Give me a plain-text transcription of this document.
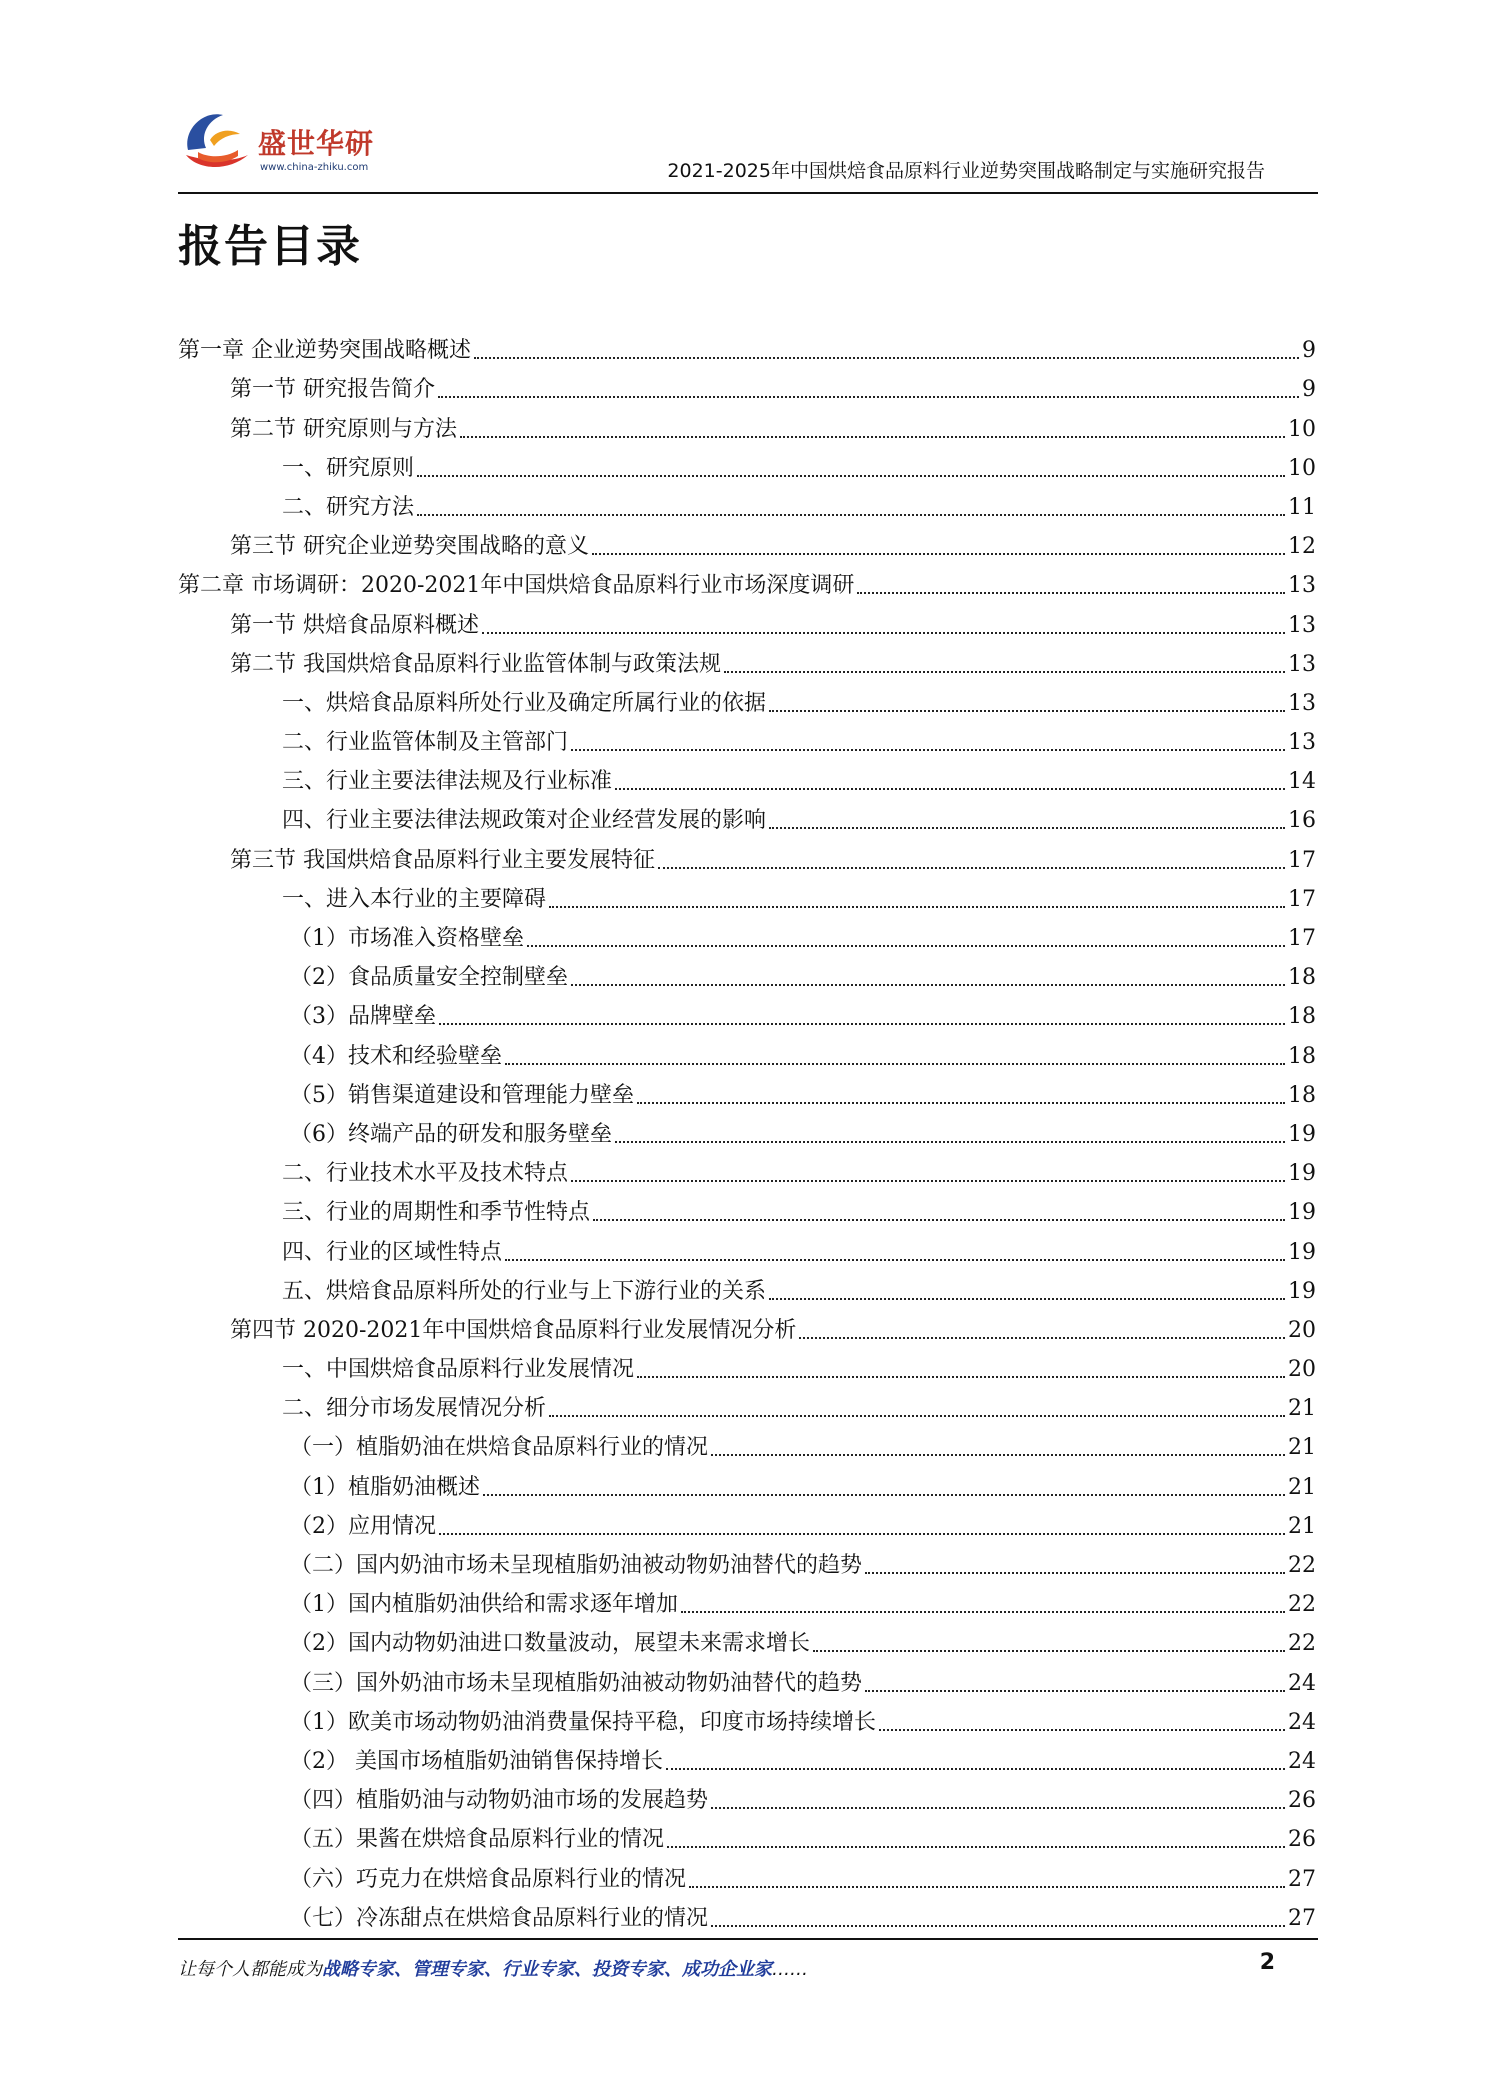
盛世华研
www.china-zhiku.com	2021-2025年中国烘焙食品原料行业逆势突围战略制定与实施研究报告
报告目录
第一章 企业逆势突围战略概述	9
第一节 研究报告简介	9
第二节 研究原则与方法	10
一、研究原则	10
二、研究方法	11
第三节 研究企业逆势突围战略的意义	12
第二章 市场调研：2020-2021年中国烘焙食品原料行业市场深度调研	13
第一节 烘焙食品原料概述	13
第二节 我国烘焙食品原料行业监管体制与政策法规	13
一、烘焙食品原料所处行业及确定所属行业的依据	13
二、行业监管体制及主管部门	13
三、行业主要法律法规及行业标准	14
四、行业主要法律法规政策对企业经营发展的影响	16
第三节 我国烘焙食品原料行业主要发展特征	17
一、进入本行业的主要障碍	17
（1）市场准入资格壁垒	17
（2）食品质量安全控制壁垒	18
（3）品牌壁垒	18
（4）技术和经验壁垒	18
（5）销售渠道建设和管理能力壁垒	18
（6）终端产品的研发和服务壁垒	19
二、行业技术水平及技术特点	19
三、行业的周期性和季节性特点	19
四、行业的区域性特点	19
五、烘焙食品原料所处的行业与上下游行业的关系	19
第四节 2020-2021年中国烘焙食品原料行业发展情况分析	20
一、中国烘焙食品原料行业发展情况	20
二、细分市场发展情况分析	21
（一）植脂奶油在烘焙食品原料行业的情况	21
（1）植脂奶油概述	21
（2）应用情况	21
（二）国内奶油市场未呈现植脂奶油被动物奶油替代的趋势	22
（1）国内植脂奶油供给和需求逐年增加	22
（2）国内动物奶油进口数量波动，展望未来需求增长	22
（三）国外奶油市场未呈现植脂奶油被动物奶油替代的趋势	24
（1）欧美市场动物奶油消费量保持平稳，印度市场持续增长	24
（2） 美国市场植脂奶油销售保持增长	24
（四）植脂奶油与动物奶油市场的发展趋势	26
（五）果酱在烘焙食品原料行业的情况	26
（六）巧克力在烘焙食品原料行业的情况	27
（七）冷冻甜点在烘焙食品原料行业的情况	27
让每个人都能成为战略专家、管理专家、行业专家、投资专家、成功企业家……	2
